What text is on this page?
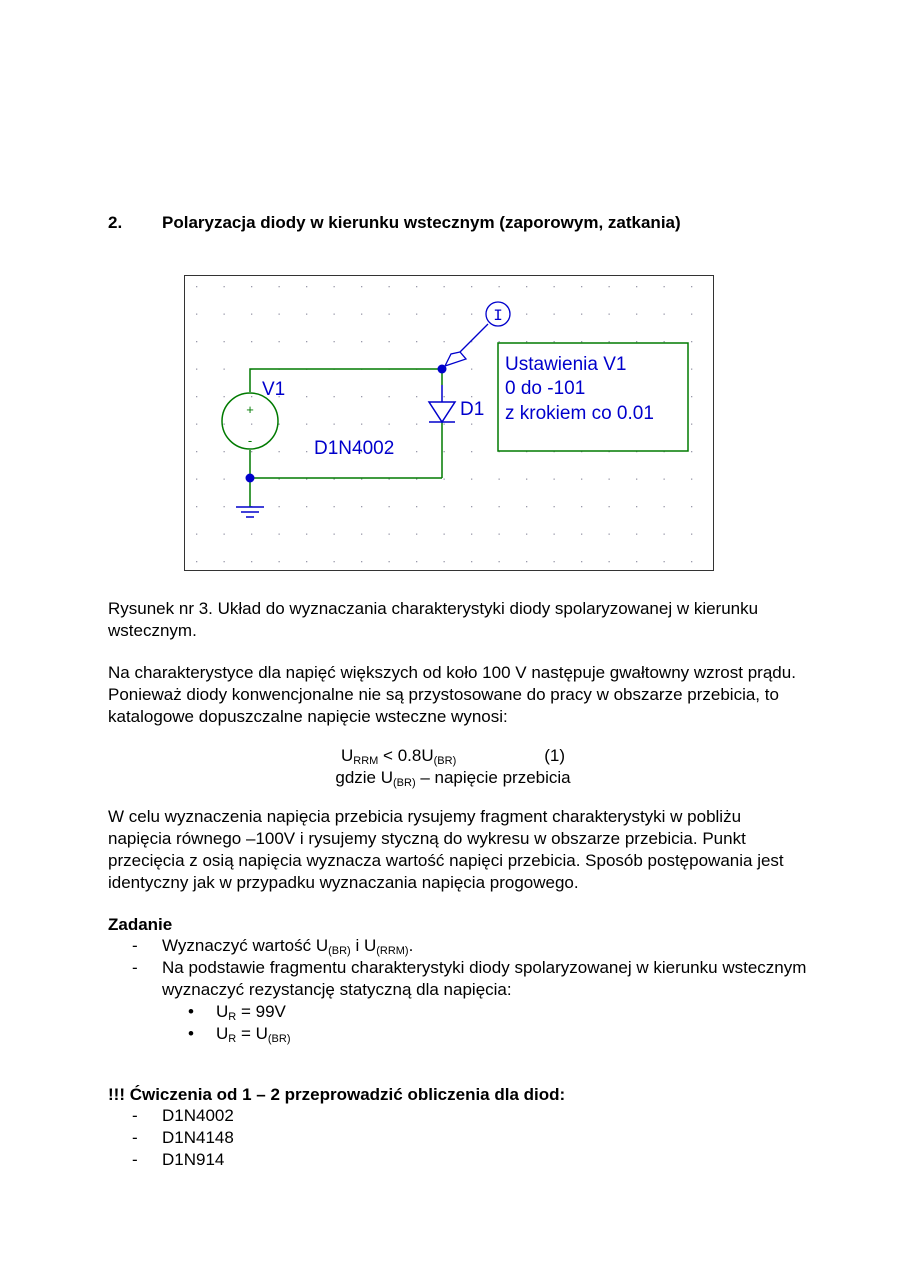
2. Polaryzacja diody w kierunku wstecznym (zaporowym, zatkania)
+
-
V1
D1
D1N4002
I
Ustawienia V1
0 do -101
z krokiem co 0.01

Rysunek nr 3. Układ do wyznaczania charakterystyki diody spolaryzowanej w kierunku wstecznym.

Na charakterystyce dla napięć większych od koło 100 V następuje gwałtowny wzrost prądu. Ponieważ diody konwencjonalne nie są przystosowane do pracy w obszarze przebicia, to katalogowe dopuszczalne napięcie wsteczne wynosi:

$U_{RRM} < 0.8U_{(BR)}$	(1)
gdzie $U_{(BR)}$ – napięcie przebicia

W celu wyznaczenia napięcia przebicia rysujemy fragment charakterystyki w pobliżu napięcia równego –100V i rysujemy styczną do wykresu w obszarze przebicia. Punkt przecięcia z osią napięcia wyznacza wartość napięci przebicia. Sposób postępowania jest identyczny jak w przypadku wyznaczania napięcia progowego.

Zadanie
- Wyznaczyć wartość $U_{(BR)}$ i $U_{(RRM)}$.
- Na podstawie fragmentu charakterystyki diody spolaryzowanej w kierunku wstecznym wyznaczyć rezystancję statyczną dla napięcia:
• $U_R = 99V$
• $U_R = U_{(BR)}$
!!! Ćwiczenia od 1 – 2 przeprowadzić obliczenia dla diod:
- D1N4002
- D1N4148
- D1N914
